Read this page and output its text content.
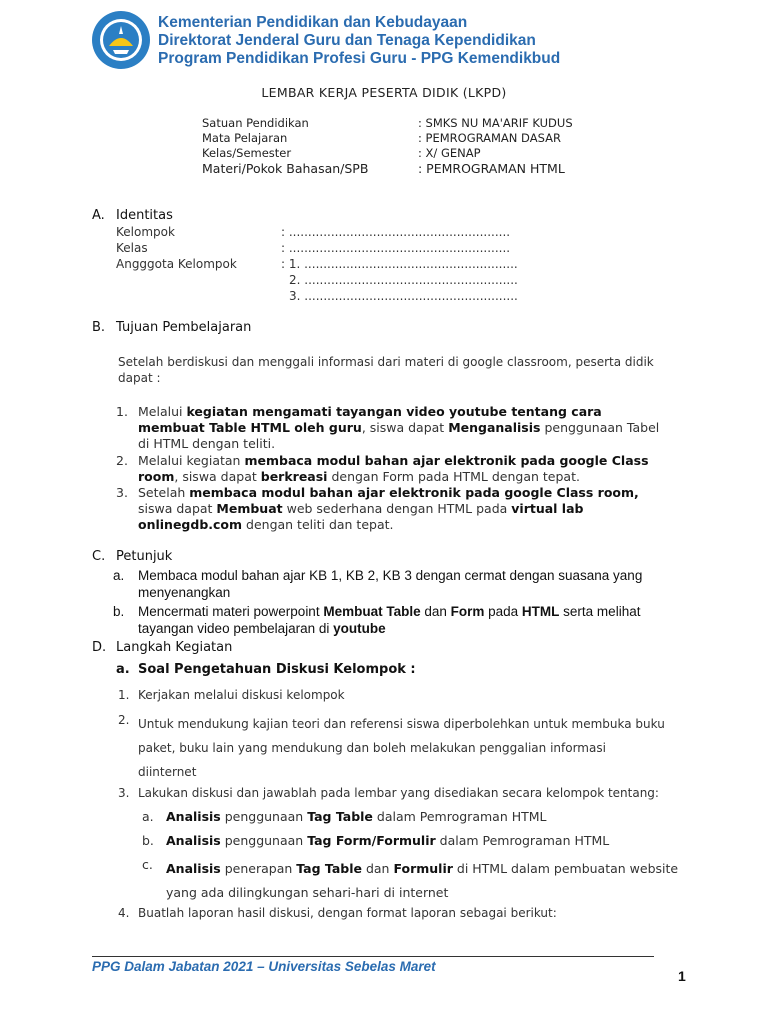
Kementerian Pendidikan dan Kebudayaan
Direktorat Jenderal Guru dan Tenaga Kependidikan
Program Pendidikan Profesi Guru - PPG Kemendikbud
LEMBAR KERJA PESERTA DIDIK (LKPD)
Satuan Pendidikan	: SMKS NU MA'ARIF KUDUS
Mata Pelajaran	: PEMROGRAMAN DASAR
Kelas/Semester	: X/ GENAP
Materi/Pokok Bahasan/SPB	: PEMROGRAMAN HTML
A. Identitas
Kelompok	: ..........................................................
Kelas	: ..........................................................
Angggota Kelompok	: 1. ........................................................
2. ........................................................
3. ........................................................
B. Tujuan Pembelajaran
Setelah berdiskusi dan menggali informasi dari materi di google classroom, peserta didik
dapat :
1. Melalui kegiatan mengamati tayangan video youtube tentang cara
membuat Table HTML oleh guru, siswa dapat Menganalisis penggunaan Tabel
di HTML dengan teliti.
2. Melalui kegiatan membaca modul bahan ajar elektronik pada google Class
room, siswa dapat berkreasi dengan Form pada HTML dengan tepat.
3. Setelah membaca modul bahan ajar elektronik pada google Class room,
siswa dapat Membuat web sederhana dengan HTML pada virtual lab
onlinegdb.com dengan teliti dan tepat.
C. Petunjuk
a. Membaca modul bahan ajar KB 1, KB 2, KB 3 dengan cermat dengan suasana yang
menyenangkan
b. Mencermati materi powerpoint Membuat Table dan Form pada HTML serta melihat
tayangan video pembelajaran di youtube
D. Langkah Kegiatan
a. Soal Pengetahuan Diskusi Kelompok :
1. Kerjakan melalui diskusi kelompok
2. Untuk mendukung kajian teori dan referensi siswa diperbolehkan untuk membuka buku
paket, buku lain yang mendukung dan boleh melakukan penggalian informasi
diinternet
3. Lakukan diskusi dan jawablah pada lembar yang disediakan secara kelompok tentang:
a. Analisis penggunaan Tag Table dalam Pemrograman HTML
b. Analisis penggunaan Tag Form/Formulir dalam Pemrograman HTML
c. Analisis penerapan Tag Table dan Formulir di HTML dalam pembuatan website
yang ada dilingkungan sehari-hari di internet
4. Buatlah laporan hasil diskusi, dengan format laporan sebagai berikut:
PPG Dalam Jabatan 2021 – Universitas Sebelas Maret
1
